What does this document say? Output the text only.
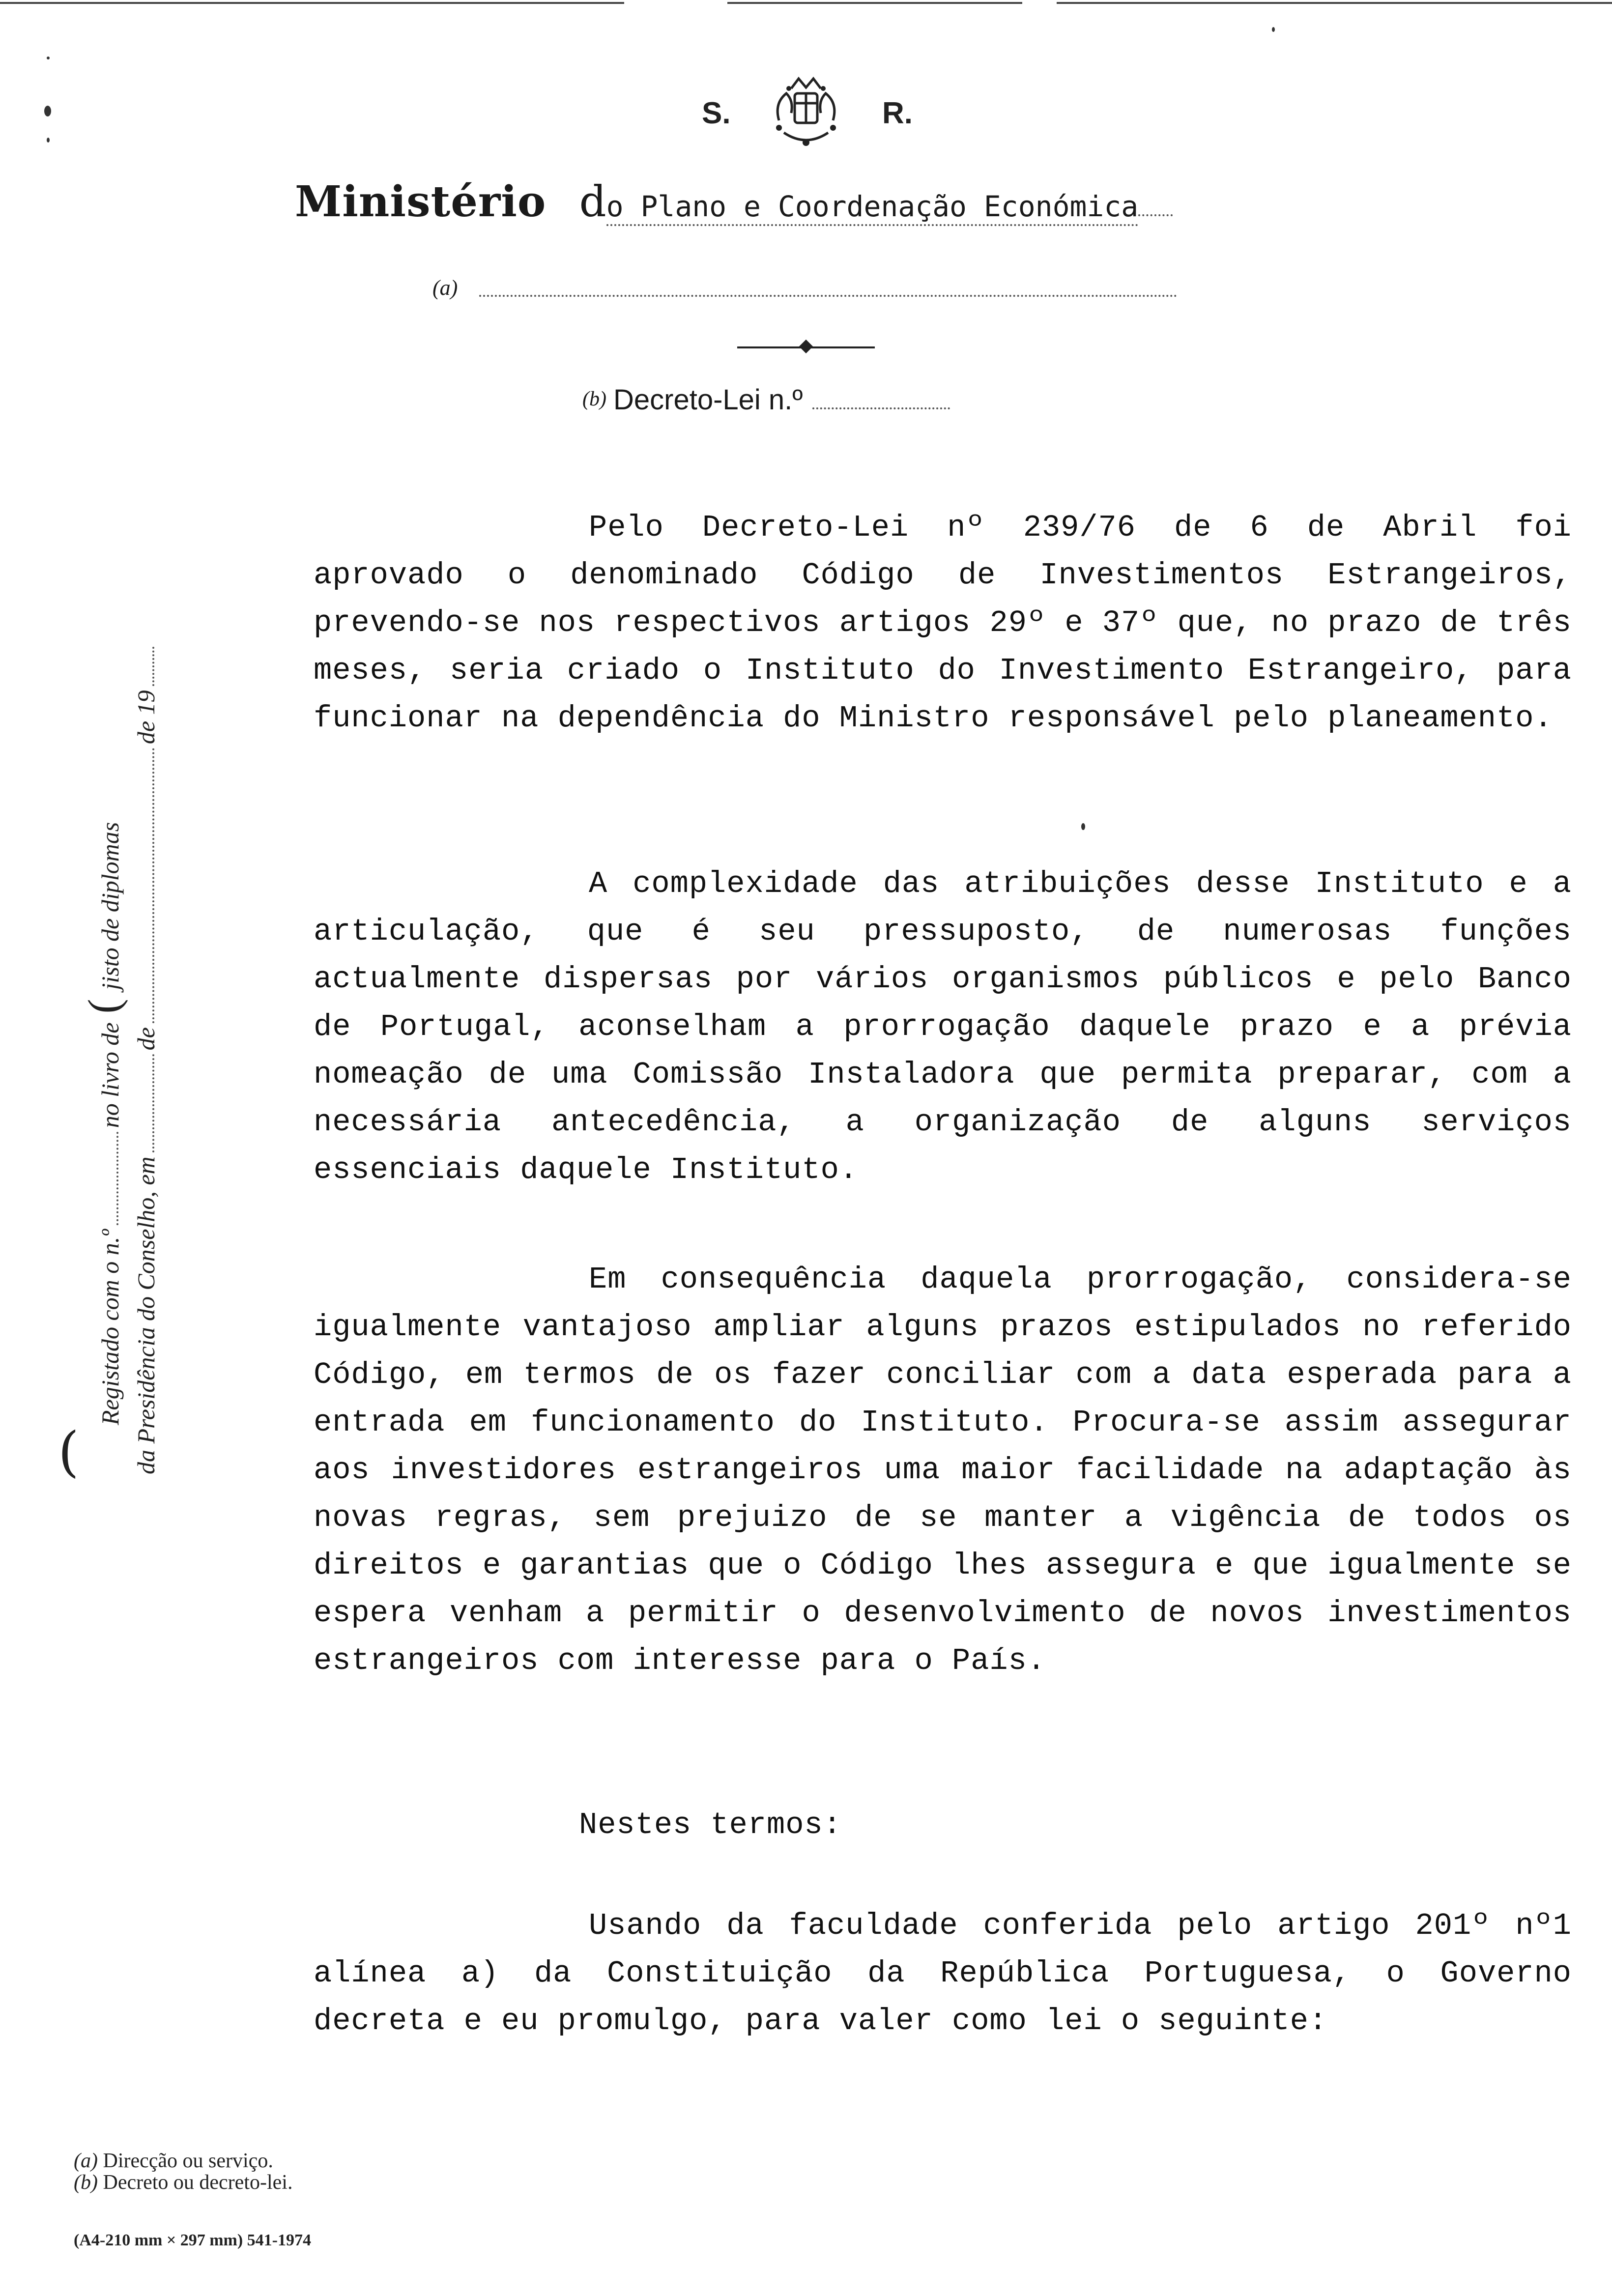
S.	R.
Ministério do Plano e Coordenação Económica
(a)
(b) Decreto-Lei n.º
(
Registado com o n.ºno livro de(jisto de diplomas
da Presidência do Conselho, emdede 19

Pelo Decreto-Lei nº 239/76 de 6 de Abril foi aprovado o denominado Código de Investimentos Estrangeiros, prevendo-se nos respectivos artigos 29º e 37º que, no prazo de três meses, seria criado o Instituto do Investimento Estrangeiro, para funcionar na dependência do Ministro responsável pelo planeamento.

A complexidade das atribuições desse Instituto e a articulação, que é seu pressuposto, de numerosas funções actualmente dispersas por vários organismos públicos e pelo Banco de Portugal, aconselham a prorrogação daquele prazo e a prévia nomeação de uma Comissão Instaladora que permita preparar, com a necessária antecedência, a organização de alguns serviços essenciais daquele Instituto.

Em consequência daquela prorrogação, considera-se igualmente vantajoso ampliar alguns prazos estipulados no referido Código, em termos de os fazer conciliar com a data esperada para a entrada em funcionamento do Instituto. Procura-se assim assegurar aos investidores estrangeiros uma maior facilidade na adaptação às novas regras, sem prejuizo de se manter a vigência de todos os direitos e garantias que o Código lhes assegura e que igualmente se espera venham a permitir o desenvolvimento de novos investimentos estrangeiros com interesse para o País.

Nestes termos:

Usando da faculdade conferida pelo artigo 201º nº1 alínea a) da Constituição da República Portuguesa, o Governo decreta e eu promulgo, para valer como lei o seguinte:

(a) Direcção ou serviço.
(b) Decreto ou decreto-lei.
(A4-210 mm × 297 mm) 541-1974
